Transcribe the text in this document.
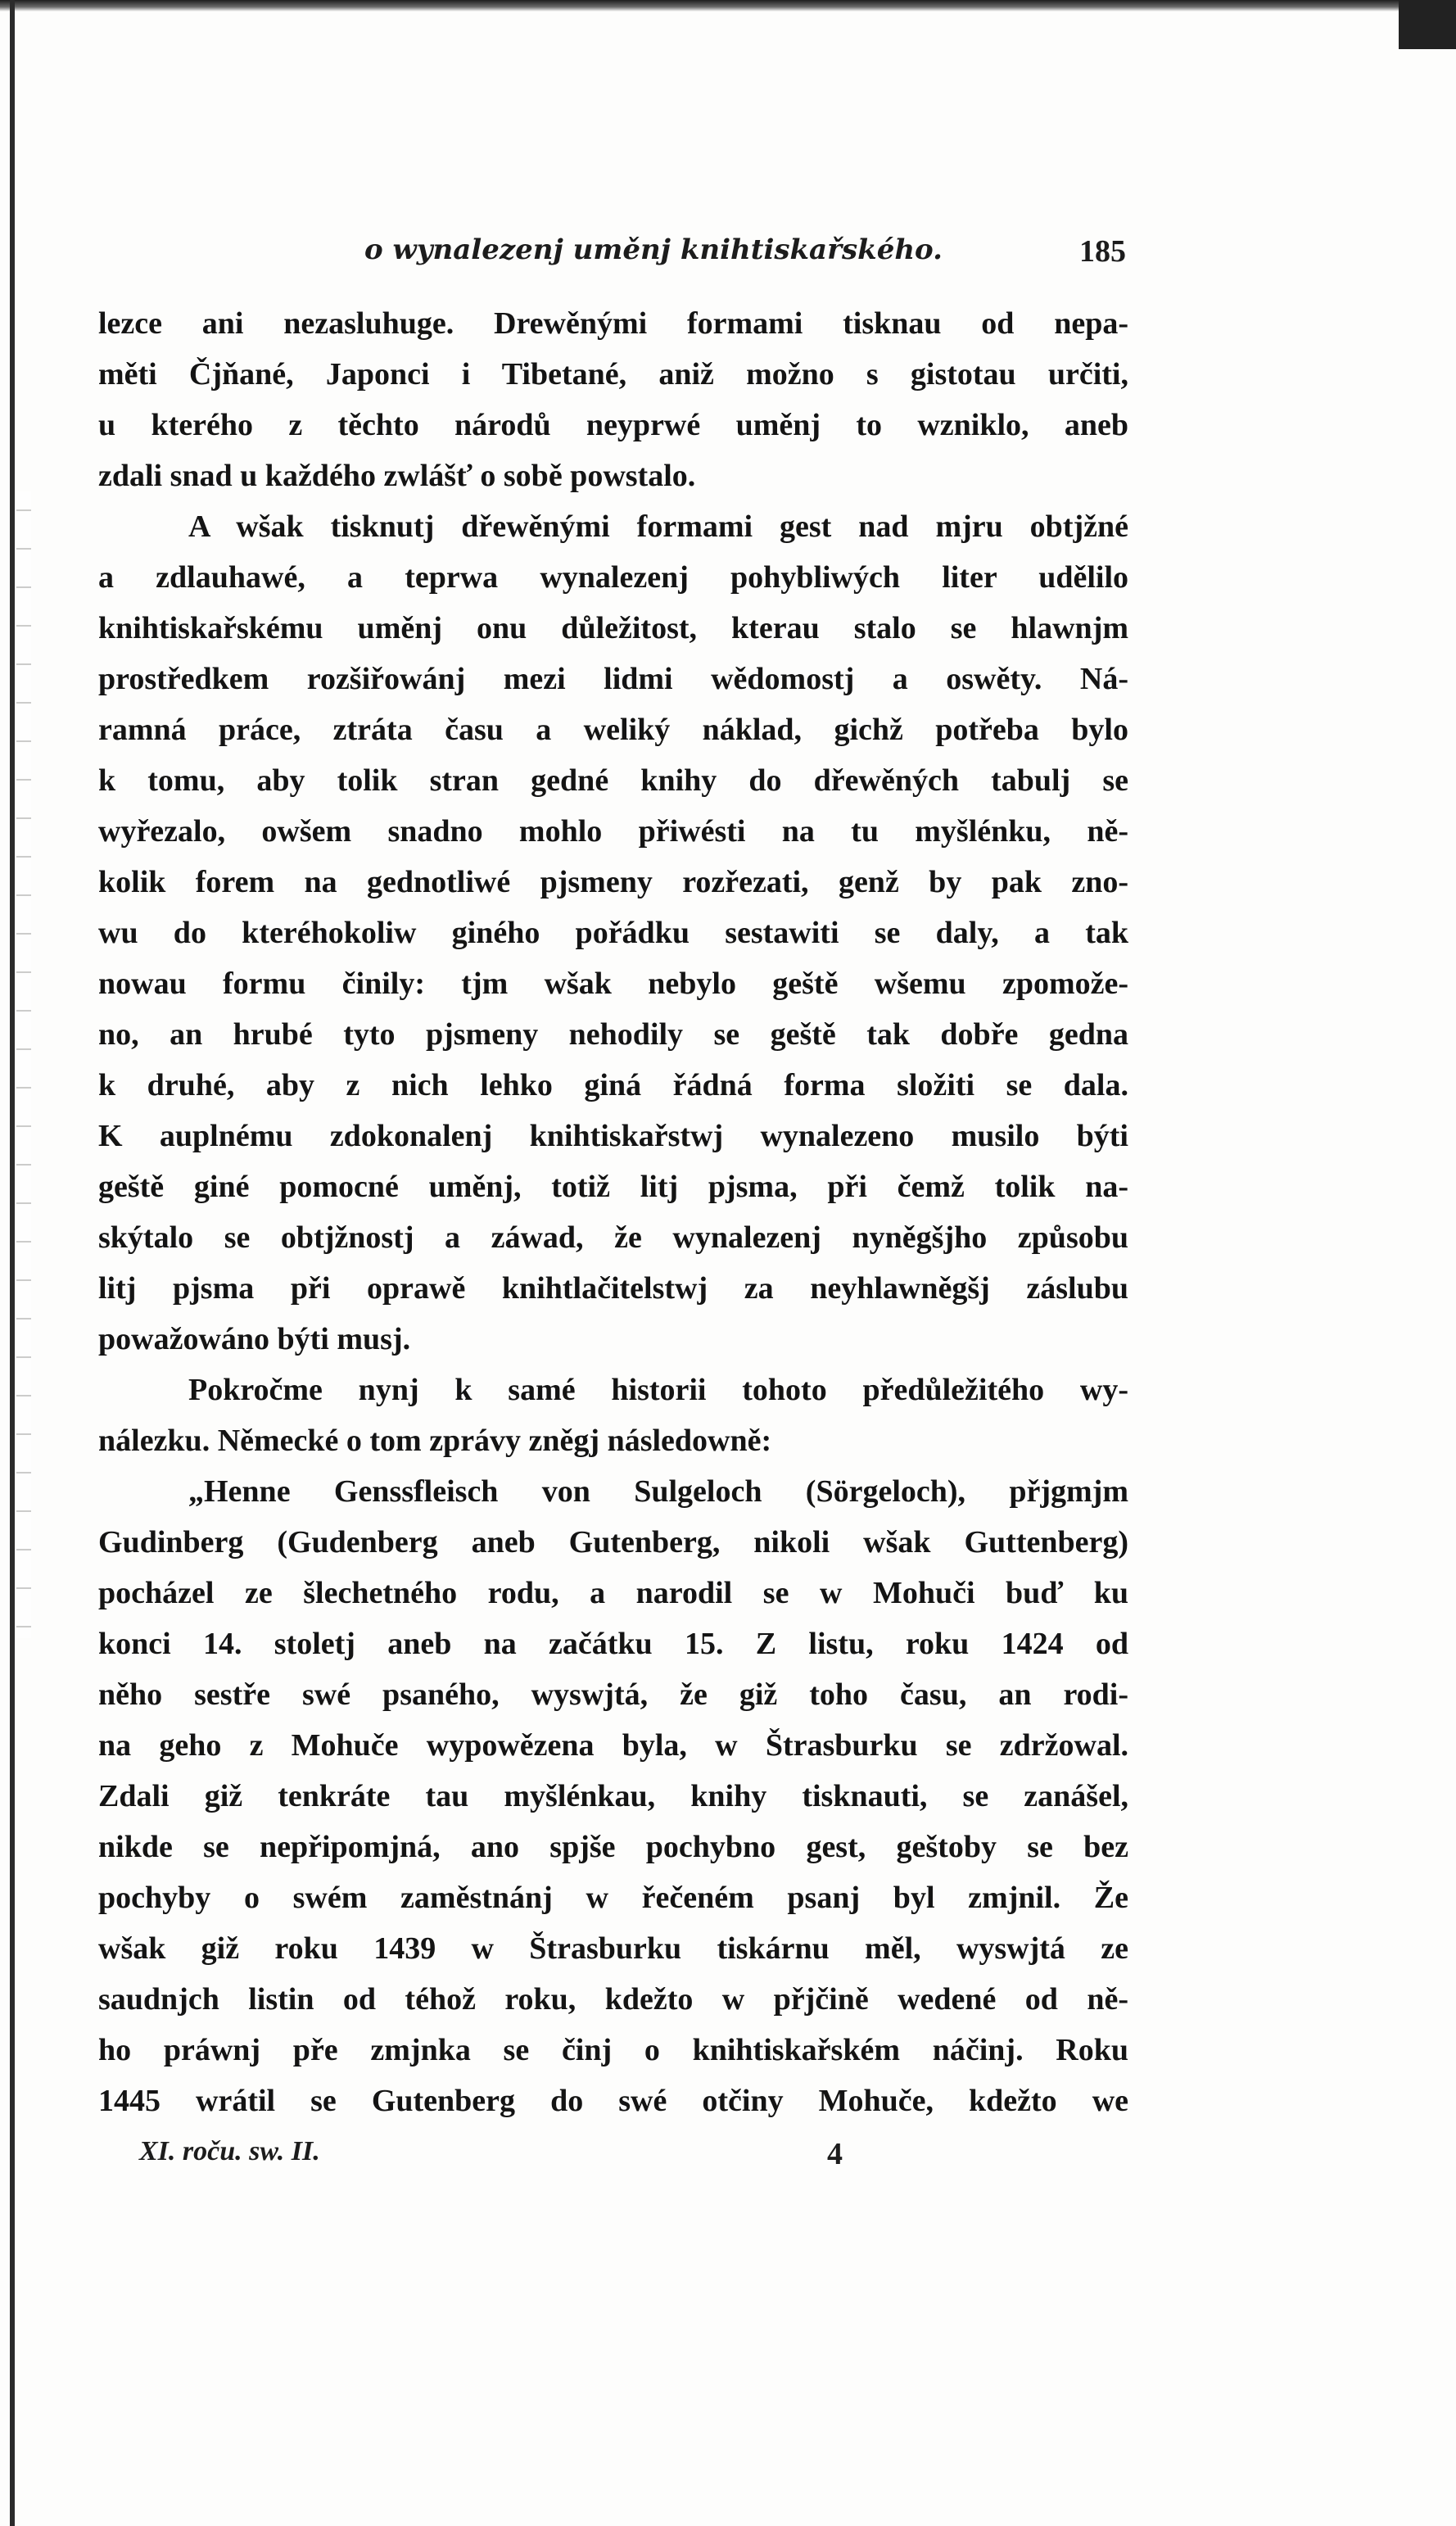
o wynalezenj uměnj knihtiskařského.	185
lezce ani nezasluhuge. Drewěnými formami tisknau od nepa-
měti Čjňané, Japonci i Tibetané, aniž možno s gistotau určiti,
u kterého z těchto národů neyprwé uměnj to wzniklo, aneb
zdali snad u každého zwlášť o sobě powstalo.
A wšak tisknutj dřewěnými formami gest nad mjru obtjžné
a zdlauhawé, a teprwa wynalezenj pohybliwých liter udělilo
knihtiskařskému uměnj onu důležitost, kterau stalo se hlawnjm
prostředkem rozšiřowánj mezi lidmi wědomostj a oswěty. Ná-
ramná práce, ztráta času a weliký náklad, gichž potřeba bylo
k tomu, aby tolik stran gedné knihy do dřewěných tabulj se
wyřezalo, owšem snadno mohlo přiwésti na tu myšlénku, ně-
kolik forem na gednotliwé pjsmeny rozřezati, genž by pak zno-
wu do kteréhokoliw giného pořádku sestawiti se daly, a tak
nowau formu činily: tjm wšak nebylo geště wšemu zpomože-
no, an hrubé tyto pjsmeny nehodily se geště tak dobře gedna
k druhé, aby z nich lehko giná řádná forma složiti se dala.
K auplnému zdokonalenj knihtiskařstwj wynalezeno musilo býti
geště giné pomocné uměnj, totiž litj pjsma, při čemž tolik na-
skýtalo se obtjžnostj a záwad, že wynalezenj nyněgšjho způsobu
litj pjsma při oprawě knihtlačitelstwj za neyhlawněgšj záslubu
powažowáno býti musj.
Pokročme nynj k samé historii tohoto předůležitého wy-
nálezku. Německé o tom zprávy zněgj následowně:
„Henne Genssfleisch von Sulgeloch (Sörgeloch), přjgmjm
Gudinberg (Gudenberg aneb Gutenberg, nikoli wšak Guttenberg)
pocházel ze šlechetného rodu, a narodil se w Mohuči buď ku
konci 14. stoletj aneb na začátku 15. Z listu, roku 1424 od
něho sestře swé psaného, wyswjtá, že giž toho času, an rodi-
na geho z Mohuče wypowězena byla, w Štrasburku se zdržowal.
Zdali giž tenkráte tau myšlénkau, knihy tisknauti, se zanášel,
nikde se nepřipomjná, ano spjše pochybno gest, geštoby se bez
pochyby o swém zaměstnánj w řečeném psanj byl zmjnil. Že
wšak giž roku 1439 w Štrasburku tiskárnu měl, wyswjtá ze
saudnjch listin od téhož roku, kdežto w přjčině wedené od ně-
ho práwnj pře zmjnka se činj o knihtiskařském náčinj. Roku
1445 wrátil se Gutenberg do swé otčiny Mohuče, kdežto we
XI. roču. sw. II.	4
